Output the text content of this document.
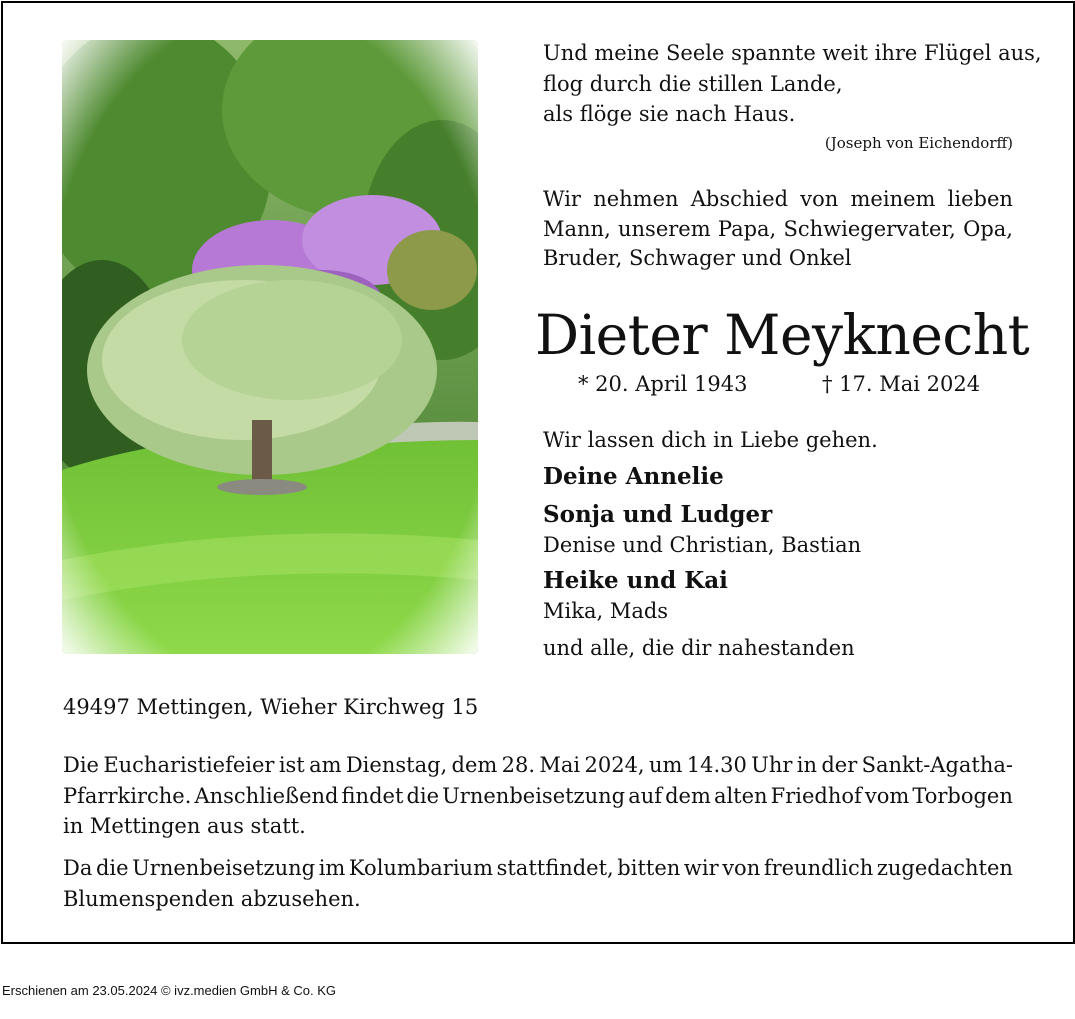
Und meine Seele spannte weit ihre Flügel aus,
flog durch die stillen Lande,
als flöge sie nach Haus.
(Joseph von Eichendorff)
Wir nehmen Abschied von meinem lieben
Mann, unserem Papa, Schwiegervater, Opa,
Bruder, Schwager und Onkel
Dieter Meyknecht
* 20. April 1943	† 17. Mai 2024
Wir lassen dich in Liebe gehen.
Deine Annelie
Sonja und Ludger
Denise und Christian, Bastian
Heike und Kai
Mika, Mads
und alle, die dir nahestanden
49497 Mettingen, Wieher Kirchweg 15
Die Eucharistiefeier ist am Dienstag, dem 28. Mai 2024, um 14.30 Uhr in der Sankt-Agatha-
Pfarrkirche. Anschließend findet die Urnenbeisetzung auf dem alten Friedhof vom Torbogen
in Mettingen aus statt.
Da die Urnenbeisetzung im Kolumbarium stattfindet, bitten wir von freundlich zugedachten
Blumenspenden abzusehen.
Erschienen am 23.05.2024 © ivz.medien GmbH & Co. KG
